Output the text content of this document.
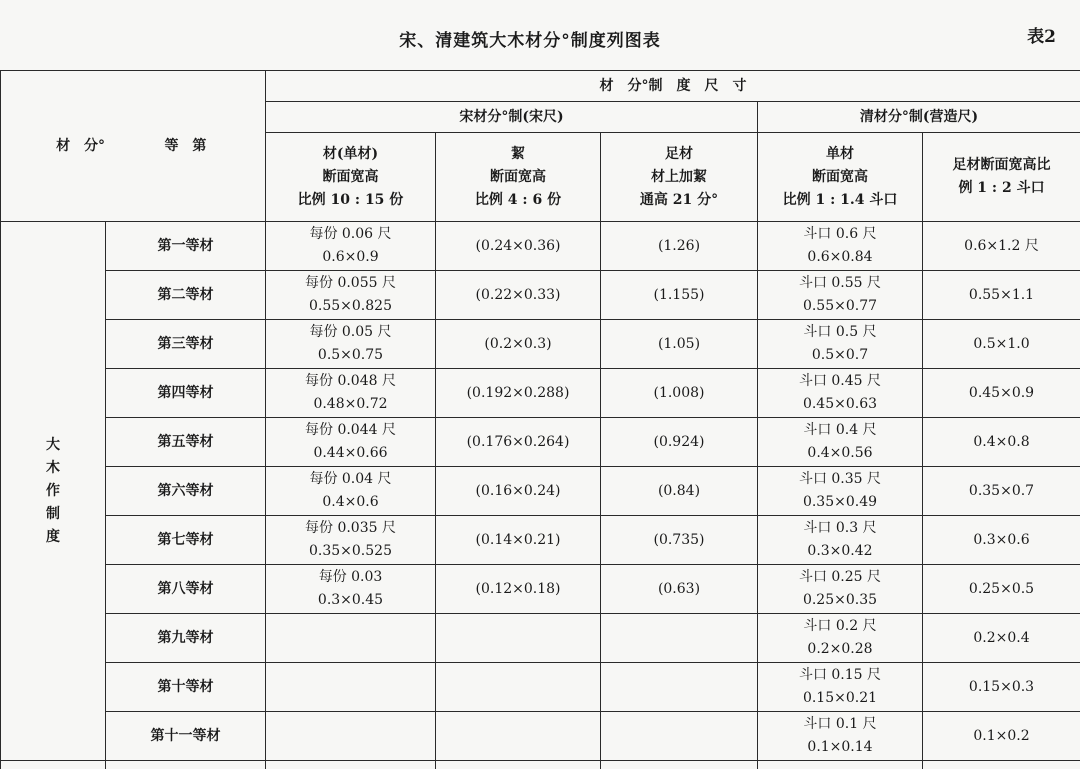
宋、清建筑大木材分°制度列图表	表2
材　分° 等　第		材　分°制　度　尺　寸				
		宋材分°制(宋尺)			清材分°制(营造尺)	

		材(单材)
断面宽高
比例 10 : 15 份	絜
断面宽高
比例 4 : 6 份	足材
材上加絜
通高 21 分°	单材
断面宽高
比例 1 : 1.4 斗口	足材断面宽高比
例 1 : 2 斗口

大
木
作
制
度	第一等材	每份 0.06 尺
0.6×0.9	(0.24×0.36)	(1.26)	斗口 0.6 尺
0.6×0.84	0.6×1.2 尺
	第二等材	每份 0.055 尺
0.55×0.825	(0.22×0.33)	(1.155)	斗口 0.55 尺
0.55×0.77	0.55×1.1
	第三等材	每份 0.05 尺
0.5×0.75	(0.2×0.3)	(1.05)	斗口 0.5 尺
0.5×0.7	0.5×1.0
	第四等材	每份 0.048 尺
0.48×0.72	(0.192×0.288)	(1.008)	斗口 0.45 尺
0.45×0.63	0.45×0.9
	第五等材	每份 0.044 尺
0.44×0.66	(0.176×0.264)	(0.924)	斗口 0.4 尺
0.4×0.56	0.4×0.8
	第六等材	每份 0.04 尺
0.4×0.6	(0.16×0.24)	(0.84)	斗口 0.35 尺
0.35×0.49	0.35×0.7
	第七等材	每份 0.035 尺
0.35×0.525	(0.14×0.21)	(0.735)	斗口 0.3 尺
0.3×0.42	0.3×0.6
	第八等材	每份 0.03
0.3×0.45	(0.12×0.18)	(0.63)	斗口 0.25 尺
0.25×0.35	0.25×0.5
	第九等材				斗口 0.2 尺
0.2×0.28	0.2×0.4
	第十等材				斗口 0.15 尺
0.15×0.21	0.15×0.3
	第十一等材				斗口 0.1 尺
0.1×0.14	0.1×0.2
